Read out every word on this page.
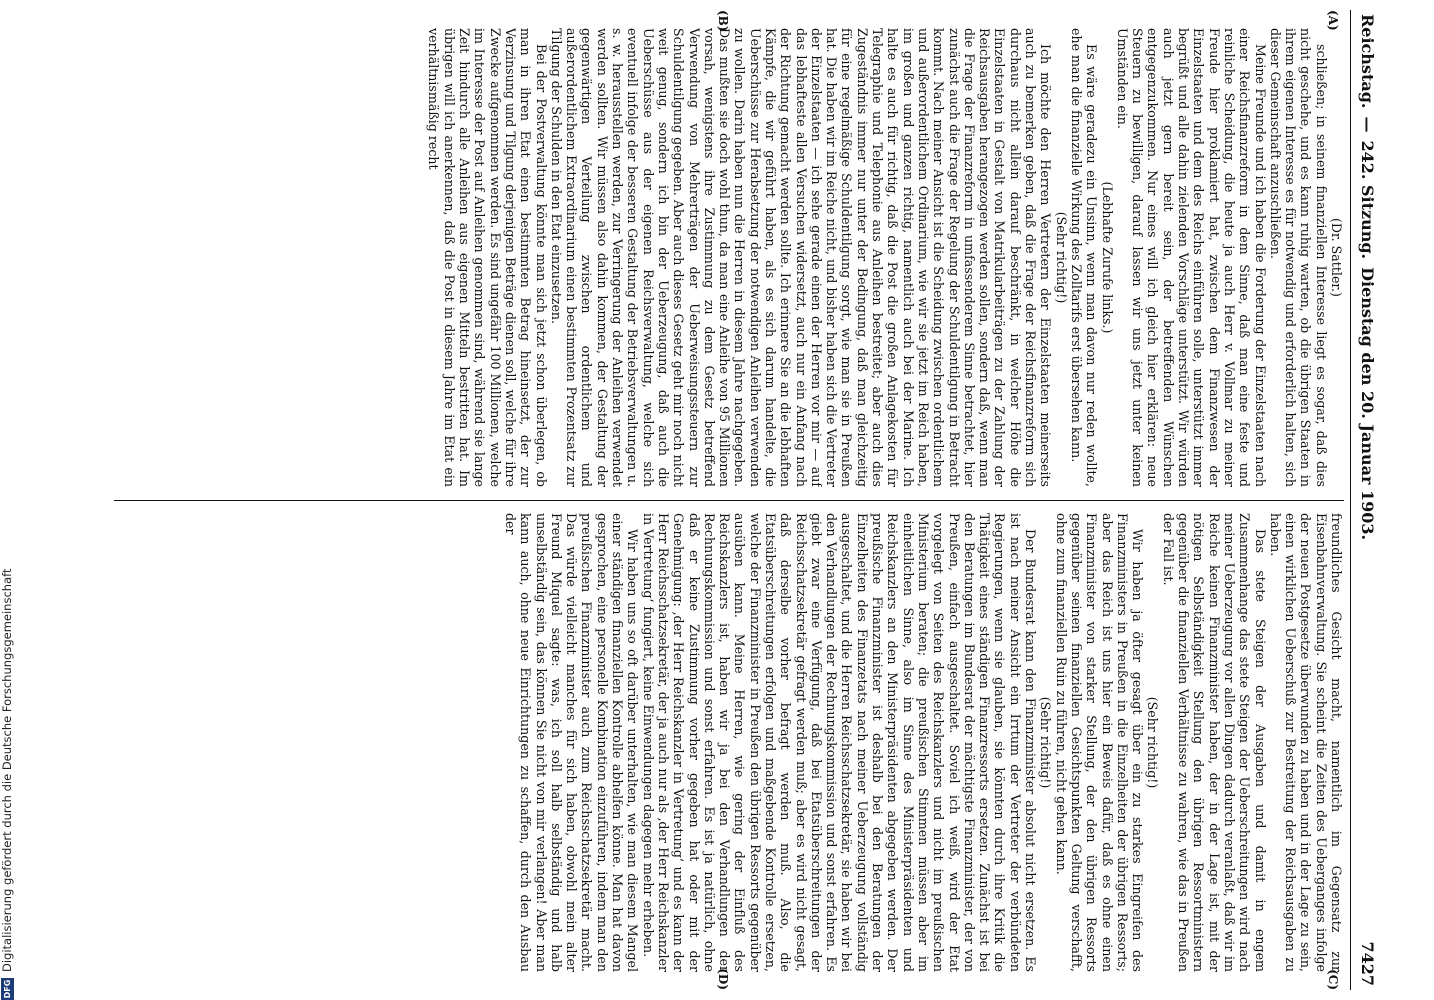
Reichstag.
—
242. Sitzung.
Dienstag den 20. Januar 1903.
7427
(A)
(B)
(C)
(D)

(Dr. Sattler.)

schließen; in seinem finanziellen Interesse liegt es sogar, daß dies nicht geschehe, und es kann ruhig warten, ob die übrigen Staaten in ihrem eigenen Interesse es für notwendig und erforderlich halten, sich dieser Gemeinschaft anzuschließen.

Meine Freunde und ich haben die Forderung der Einzelstaaten nach einer Reichsfinanzreform in dem Sinne, daß man eine feste und reinliche Scheidung, die heute ja auch Herr v. Vollmar zu meiner Freude hier proklamiert hat, zwischen dem Finanzwesen der Einzelstaaten und dem des Reichs einführen solle, unterstützt immer begrüßt und alle dahin zielenden Vorschläge unterstützt. Wir würden auch jetzt gern bereit sein, der betreffenden Wünschen entgegenzukommen. Nur eines will ich gleich hier erklären: neue Steuern zu bewilligen, darauf lassen wir uns jetzt unter keinen Umständen ein.

(Lebhafte Zurufe links.)

Es wäre geradezu ein Unsinn, wenn man davon nur reden wollte, ehe man die finanzielle Wirkung des Zolltarifs erst übersehen kann.

(Sehr richtig!)

Ich möchte den Herren Vertretern der Einzelstaaten meinerseits auch zu bemerken geben, daß die Frage der Reichsfinanzreform sich durchaus nicht allein darauf beschränkt, in welcher Höhe die Einzelstaaten in Gestalt von Matrikularbeiträgen zu der Zahlung der Reichsausgaben herangezogen werden sollen, sondern daß, wenn man die Frage der Finanzreform in umfassenderem Sinne betrachtet, hier zunächst auch die Frage der Regelung der Schuldentilgung in Betracht kommt. Nach meiner Ansicht ist die Scheidung zwischen ordentlichem und außerordentlichem Ordinarium, wie wir sie jetzt im Reich haben, im großen und ganzen richtig, namentlich auch bei der Marine. Ich halte es auch für richtig, daß die Post die großen Anlagekosten für Telegraphie und Telephonie aus Anleihen bestreitet; aber auch dies Zugeständnis immer nur unter der Bedingung, daß man gleichzeitig für eine regelmäßige Schuldentilgung sorgt, wie man sie in Preußen hat. Die haben wir im Reiche nicht, und bisher haben sich die Vertreter der Einzelstaaten — ich sehe gerade einen der Herren vor mir — auf das lebhafteste allen Versuchen widersetzt, auch nur ein Anfang nach der Richtung gemacht werden sollte. Ich erinnere Sie an die lebhaften Kämpfe, die wir geführt haben, als es sich darum handelte, die Ueberschüsse zur Herabsetzung der notwendigen Anleihen verwenden zu wollen. Darin haben nun die Herren in diesem Jahre nachgegeben. Das mußten sie doch wohl thun, da man eine Anleihe von 95 Millionen vorsah, wenigstens ihre Zustimmung zu dem Gesetz betreffend Verwendung von Mehrerträgen der Ueberweisungssteuern zur Schuldentilgung gegeben. Aber auch dieses Gesetz geht mir noch nicht weit genug, sondern ich bin der Ueberzeugung, daß auch die Ueberschüsse aus der eigenen Reichsverwaltung, welche sich eventuell infolge der besseren Gestaltung der Betriebsverwaltungen u. s. w. herausstellen werden, zur Verringerung der Anleihen verwendet werden sollten. Wir müssen also dahin kommen, der Gestaltung der gegenwärtigen Verteilung zwischen ordentlichem und außerordentlichem Extraordinarium einen bestimmten Prozentsatz zur Tilgung der Schulden in den Etat einzusetzen.

Bei der Postverwaltung könnte man sich jetzt schon überlegen, ob man in ihren Etat einen bestimmten Betrag hineinsetzt, der zur Verzinsung und Tilgung derjenigen Beträge dienen soll, welche für ihre Zwecke aufgenommen werden. Es sind ungefähr 100 Millionen, welche im Interesse der Post auf Anleihen genommen sind, während sie lange Zeit hindurch alle Anleihen aus eigenen Mitteln bestritten hat. Im übrigen will ich anerkennen, daß die Post in diesem Jahre im Etat ein verhältnismäßig recht

freundliches Gesicht macht, namentlich im Gegensatz zur Eisenbahnverwaltung. Sie scheint die Zeiten des Ueberganges infolge der neuen Postgesetze überwunden zu haben und in der Lage zu sein, einen wirklichen Ueberschuß zur Bestreitung der Reichsausgaben zu haben.

Das stete Steigen der Ausgaben und damit in engem Zusammenhange das stete Steigen der Ueberschreitungen wird nach meiner Ueberzeugung vor allen Dingen dadurch veranlaßt, daß wir im Reiche keinen Finanzminister haben, der in der Lage ist, mit der nötigen Selbständigkeit Stellung den übrigen Ressortministern gegenüber die finanziellen Verhältnisse zu wahren, wie das in Preußen der Fall ist.

(Sehr richtig!)

Wir haben ja öfter gesagt über ein zu starkes Eingreifen des Finanzministers in Preußen in die Einzelheiten der übrigen Ressorts; aber das Reich ist uns hier ein Beweis dafür, daß es ohne einen Finanzminister von starker Stellung, der den übrigen Ressorts gegenüber seinen finanziellen Gesichtspunkten Geltung verschafft, ohne zum finanziellen Ruin zu führen, nicht gehen kann.

(Sehr richtig!)

Der Bundesrat kann den Finanzminister absolut nicht ersetzen. Es ist nach meiner Ansicht ein Irrtum der Vertreter der verbündeten Regierungen, wenn sie glauben, sie könnten durch ihre Kritik die Thätigkeit eines ständigen Finanzressorts ersetzen. Zunächst ist bei den Beratungen im Bundesrat der mächtigste Finanzminister, der von Preußen, einfach ausgeschaltet. Soviel ich weiß, wird der Etat vorgelegt von Seiten des Reichskanzlers und nicht im preußischen Ministerium beraten; die preußischen Stimmen müssen aber im einheitlichen Sinne, also im Sinne des Ministerpräsidenten und Reichskanzlers an den Ministerpräsidenten abgegeben werden. Der preußische Finanzminister ist deshalb bei den Beratungen der Einzelheiten des Finanzetats nach meiner Ueberzeugung vollständig ausgeschaltet, und die Herren Reichsschatzsekretär, sie haben wir bei den Verhandlungen der Rechnungskommission und sonst erfahren. Es giebt zwar eine Verfügung, daß bei Etatsüberschreitungen der Reichsschatzsekretär gefragt werden muß; aber es wird nicht gesagt, daß derselbe vorher befragt werden muß. Also, die Etatsüberschreitungen erfolgen und maßgebende Kontrolle ersetzen, welche der Finanzminister in Preußen den übrigen Ressorts gegenüber ausüben kann. Meine Herren, wie gering der Einfluß des Reichskanzlers ist, haben wir ja bei den Verhandlungen der Rechnungskommission und sonst erfahren. Es ist ja natürlich, ohne daß er keine Zustimmung vorher gegeben hat oder mit der Genehmigung: ‚der Herr Reichskanzler in Vertretung‘ und es kann der Herr Reichsschatzsekretär, der ja auch nur als ‚der Herr Reichskanzler in Vertretung‘ fungiert, keine Einwendungen dagegen mehr erheben.

Wir haben uns so oft darüber unterhalten, wie man diesem Mangel einer ständigen finanziellen Kontrolle abhelfen könne. Man hat davon gesprochen, eine personelle Kombination einzuführen, indem man den preußischen Finanzminister auch zum Reichsschatzsekretär macht. Das würde vielleicht manches für sich haben, obwohl mein alter Freund Miquel sagte: was, ich soll halb selbständig und halb unselbständig sein, das können Sie nicht von mir verlangen! Aber man kann auch, ohne neue Einrichtungen zu schaffen, durch den Ausbau der

DFG
Digitalisierung gefördert durch die Deutsche Forschungsgemeinschaft
